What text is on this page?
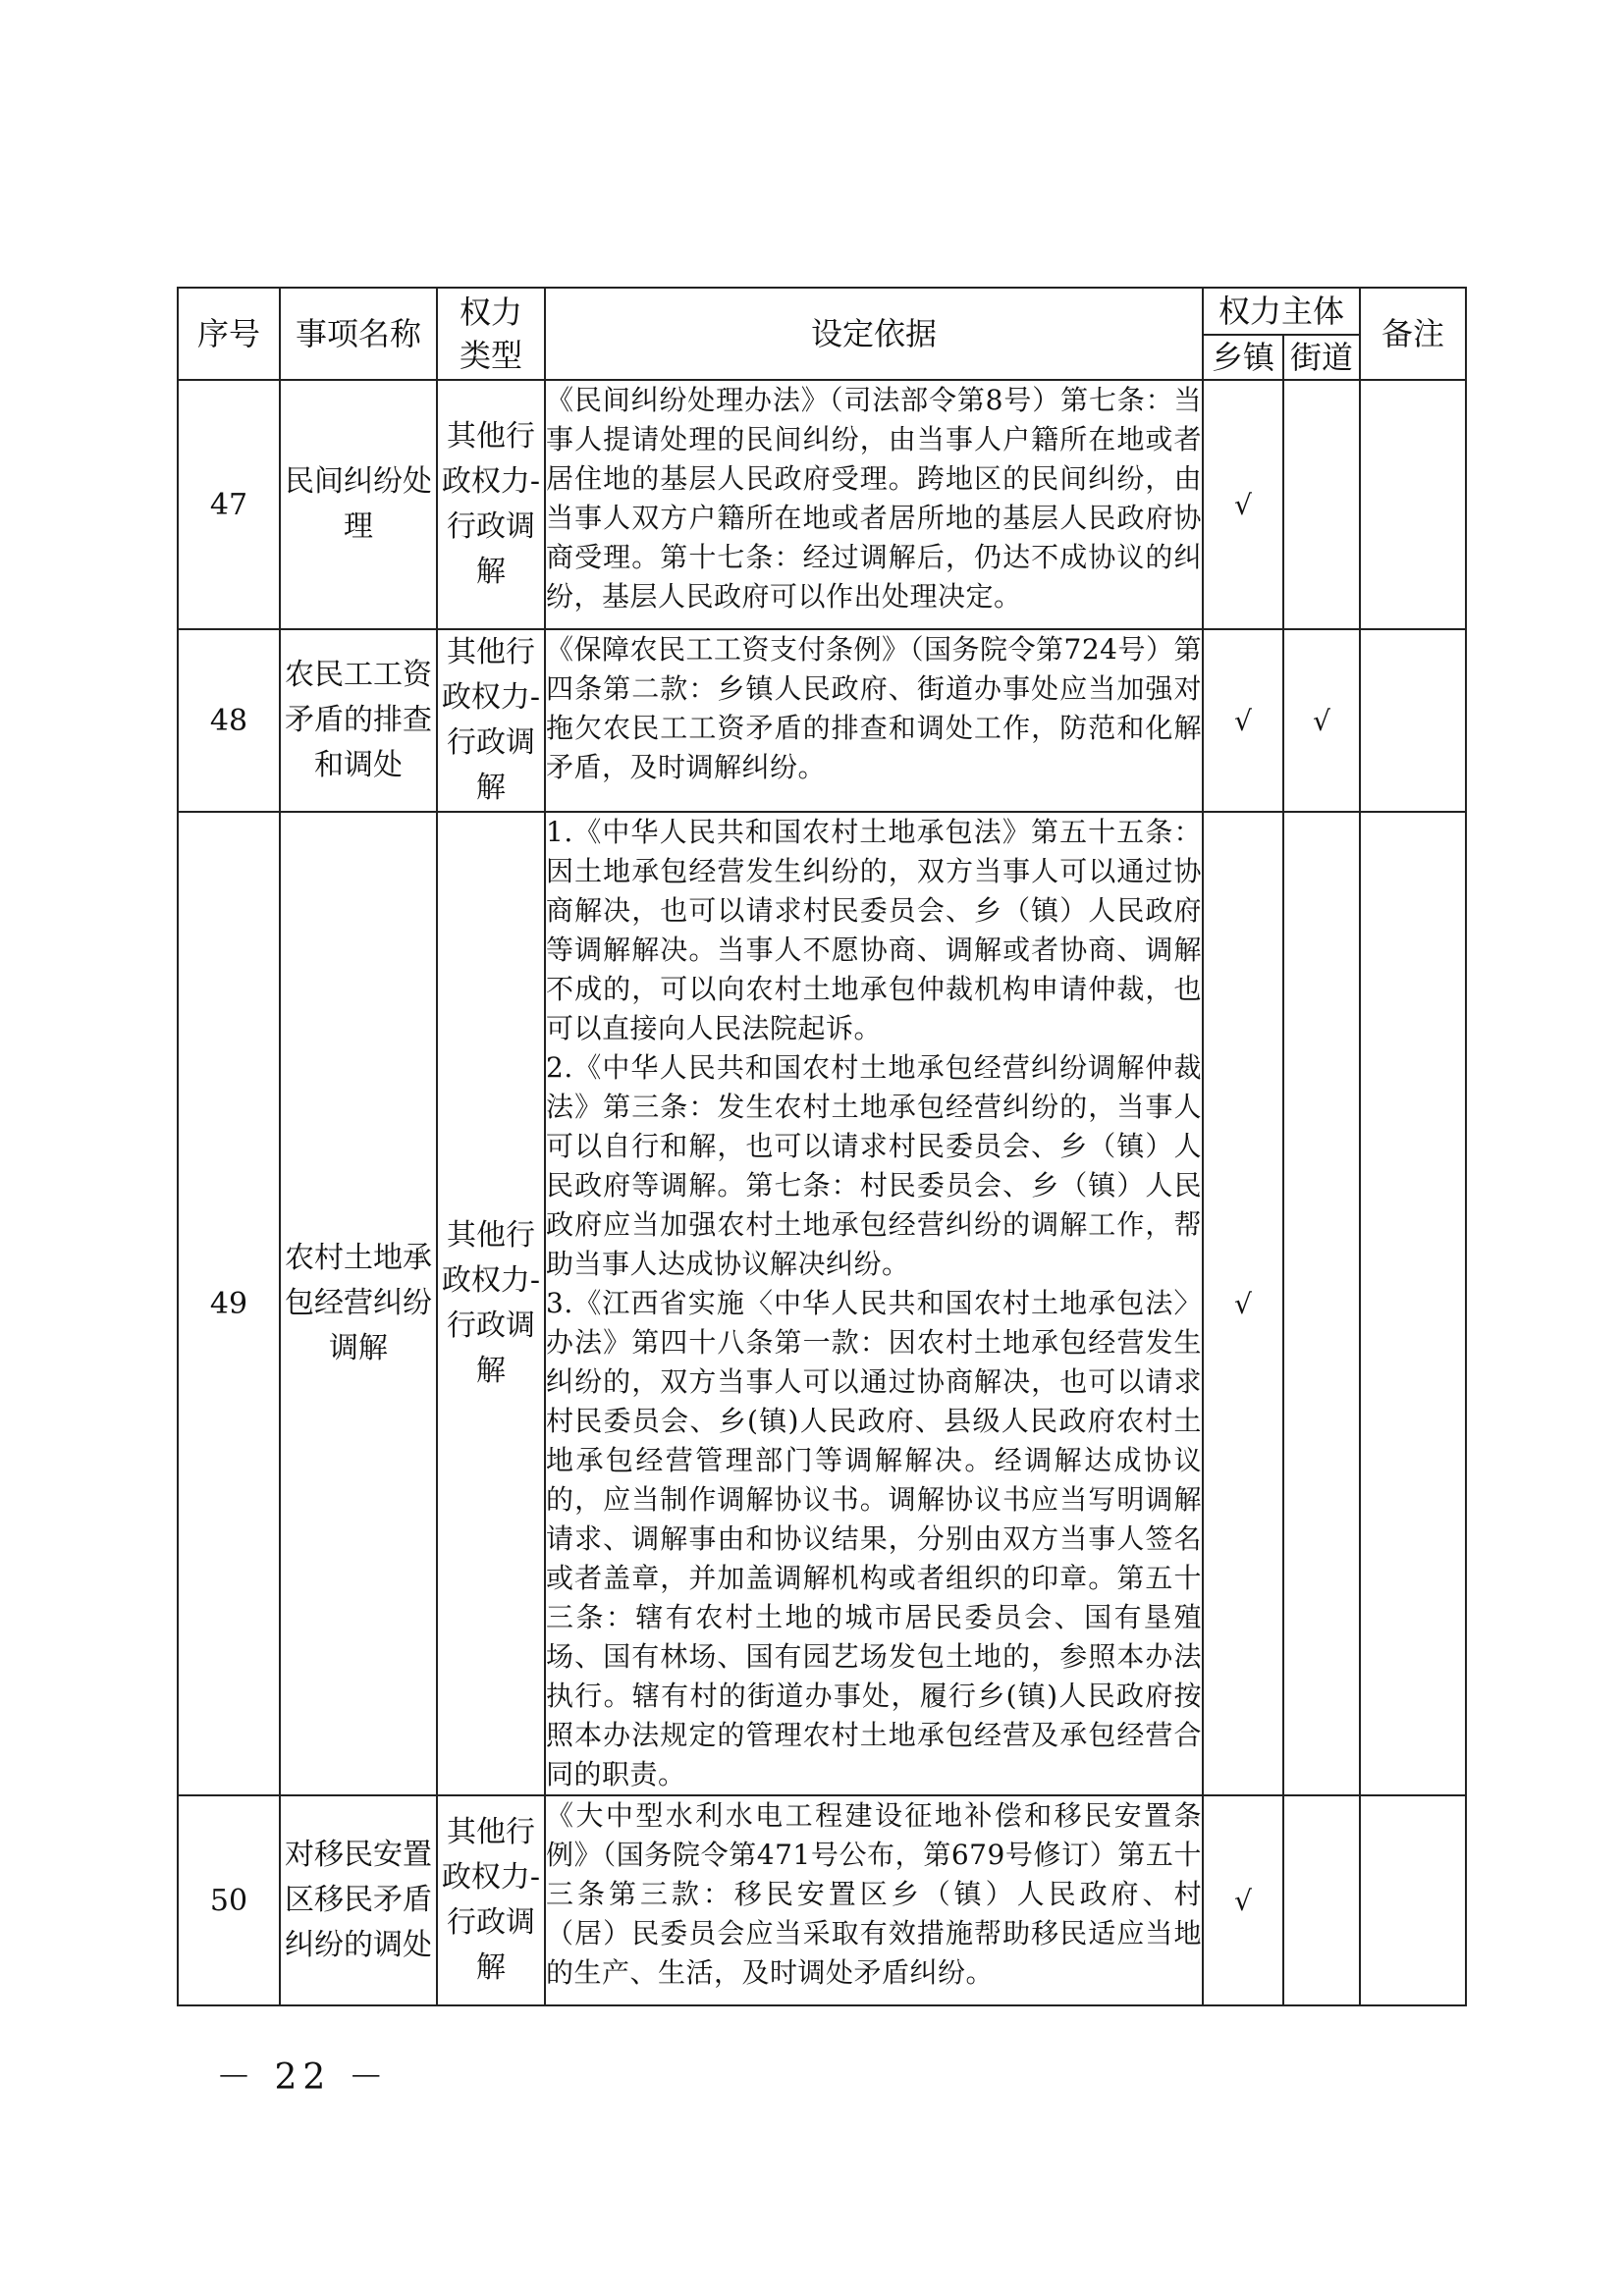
序号	事项名称	权力
类型	设定依据	权力主体		备注
				乡镇	街道	
47	民间纠纷处理	其他行政权力-行政调解	《民间纠纷处理办法》（司法部令第8号）第七条：当事人提请处理的民间纠纷，由当事人户籍所在地或者居住地的基层人民政府受理。跨地区的民间纠纷，由当事人双方户籍所在地或者居所地的基层人民政府协商受理。第十七条：经过调解后，仍达不成协议的纠纷，基层人民政府可以作出处理决定。	√		
48	农民工工资矛盾的排查和调处	其他行政权力-行政调解	《保障农民工工资支付条例》（国务院令第724号）第四条第二款：乡镇人民政府、街道办事处应当加强对拖欠农民工工资矛盾的排查和调处工作，防范和化解矛盾，及时调解纠纷。	√	√	
49	农村土地承包经营纠纷调解	其他行政权力-行政调解	1.《中华人民共和国农村土地承包法》第五十五条：因土地承包经营发生纠纷的，双方当事人可以通过协商解决，也可以请求村民委员会、乡（镇）人民政府等调解解决。当事人不愿协商、调解或者协商、调解不成的，可以向农村土地承包仲裁机构申请仲裁，也可以直接向人民法院起诉。

2.《中华人民共和国农村土地承包经营纠纷调解仲裁法》第三条：发生农村土地承包经营纠纷的，当事人可以自行和解，也可以请求村民委员会、乡（镇）人民政府等调解。第七条：村民委员会、乡（镇）人民政府应当加强农村土地承包经营纠纷的调解工作，帮助当事人达成协议解决纠纷。

3.《江西省实施〈中华人民共和国农村土地承包法〉办法》第四十八条第一款：因农村土地承包经营发生纠纷的，双方当事人可以通过协商解决，也可以请求村民委员会、乡(镇)人民政府、县级人民政府农村土地承包经营管理部门等调解解决。经调解达成协议的，应当制作调解协议书。调解协议书应当写明调解请求、调解事由和协议结果，分别由双方当事人签名或者盖章，并加盖调解机构或者组织的印章。第五十三条：辖有农村土地的城市居民委员会、国有垦殖场、国有林场、国有园艺场发包土地的，参照本办法执行。辖有村的街道办事处，履行乡(镇)人民政府按照本办法规定的管理农村土地承包经营及承包经营合同的职责。	√		
50	对移民安置区移民矛盾纠纷的调处	其他行政权力-行政调解	《大中型水利水电工程建设征地补偿和移民安置条例》（国务院令第471号公布，第679号修订）第五十三条第三款：移民安置区乡（镇）人民政府、村（居）民委员会应当采取有效措施帮助移民适应当地的生产、生活，及时调处矛盾纠纷。	√		
－ 22 －
